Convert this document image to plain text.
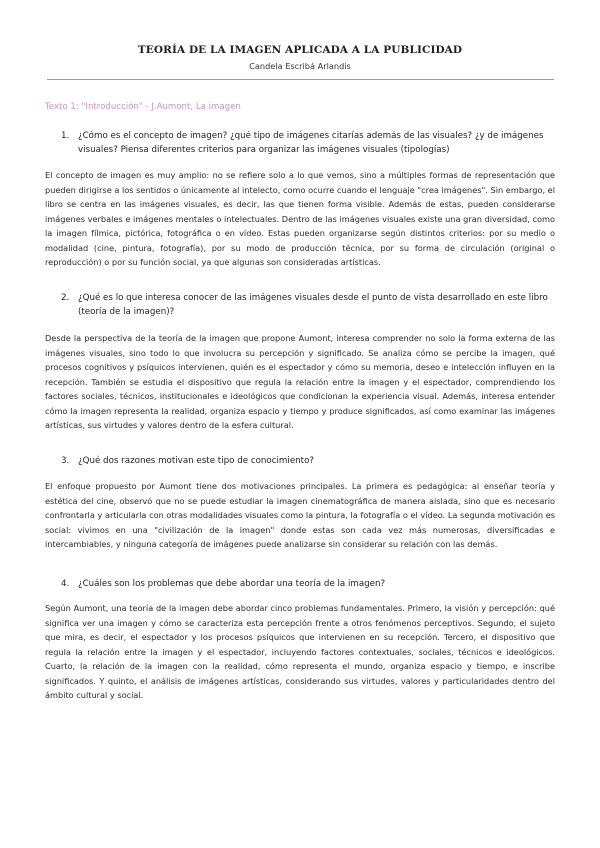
TEORÍA DE LA IMAGEN APLICADA A LA PUBLICIDAD
Candela Escribá Arlandis
Texto 1: "Introducción" - J.Aumont, La imagen
1. ¿Cómo es el concepto de imagen? ¿qué tipo de imágenes citarías además de las visuales? ¿y de imágenes visuales? Piensa diferentes criterios para organizar las imágenes visuales (tipologías)

El concepto de imagen es muy amplio: no se refiere solo a lo que vemos, sino a múltiples formas de representación que pueden dirigirse a los sentidos o únicamente al intelecto, como ocurre cuando el lenguaje "crea imágenes". Sin embargo, el libro se centra en las imágenes visuales, es decir, las que tienen forma visible. Además de estas, pueden considerarse imágenes verbales e imágenes mentales o intelectuales. Dentro de las imágenes visuales existe una gran diversidad, como la imagen fílmica, pictórica, fotográfica o en vídeo. Estas pueden organizarse según distintos criterios: por su medio o modalidad (cine, pintura, fotografía), por su modo de producción técnica, por su forma de circulación (original o reproducción) o por su función social, ya que algunas son consideradas artísticas.

2. ¿Qué es lo que interesa conocer de las imágenes visuales desde el punto de vista desarrollado en este libro (teoría de la imagen)?

Desde la perspectiva de la teoría de la imagen que propone Aumont, interesa comprender no solo la forma externa de las imágenes visuales, sino todo lo que involucra su percepción y significado. Se analiza cómo se percibe la imagen, qué procesos cognitivos y psíquicos intervienen, quién es el espectador y cómo su memoria, deseo e intelección influyen en la recepción. También se estudia el dispositivo que regula la relación entre la imagen y el espectador, comprendiendo los factores sociales, técnicos, institucionales e ideológicos que condicionan la experiencia visual. Además, interesa entender cómo la imagen representa la realidad, organiza espacio y tiempo y produce significados, así como examinar las imágenes artísticas, sus virtudes y valores dentro de la esfera cultural.

3. ¿Qué dos razones motivan este tipo de conocimiento?

El enfoque propuesto por Aumont tiene dos motivaciones principales. La primera es pedagógica: al enseñar teoría y estética del cine, observó que no se puede estudiar la imagen cinematográfica de manera aislada, sino que es necesario confrontarla y articularla con otras modalidades visuales como la pintura, la fotografía o el vídeo. La segunda motivación es social: vivimos en una "civilización de la imagen" donde estas son cada vez más numerosas, diversificadas e intercambiables, y ninguna categoría de imágenes puede analizarse sin considerar su relación con las demás.

4. ¿Cuáles son los problemas que debe abordar una teoría de la imagen?

Según Aumont, una teoría de la imagen debe abordar cinco problemas fundamentales. Primero, la visión y percepción: qué significa ver una imagen y cómo se caracteriza esta percepción frente a otros fenómenos perceptivos. Segundo, el sujeto que mira, es decir, el espectador y los procesos psíquicos que intervienen en su recepción. Tercero, el dispositivo que regula la relación entre la imagen y el espectador, incluyendo factores contextuales, sociales, técnicos e ideológicos. Cuarto, la relación de la imagen con la realidad, cómo representa el mundo, organiza espacio y tiempo, e inscribe significados. Y quinto, el análisis de imágenes artísticas, considerando sus virtudes, valores y particularidades dentro del ámbito cultural y social.
